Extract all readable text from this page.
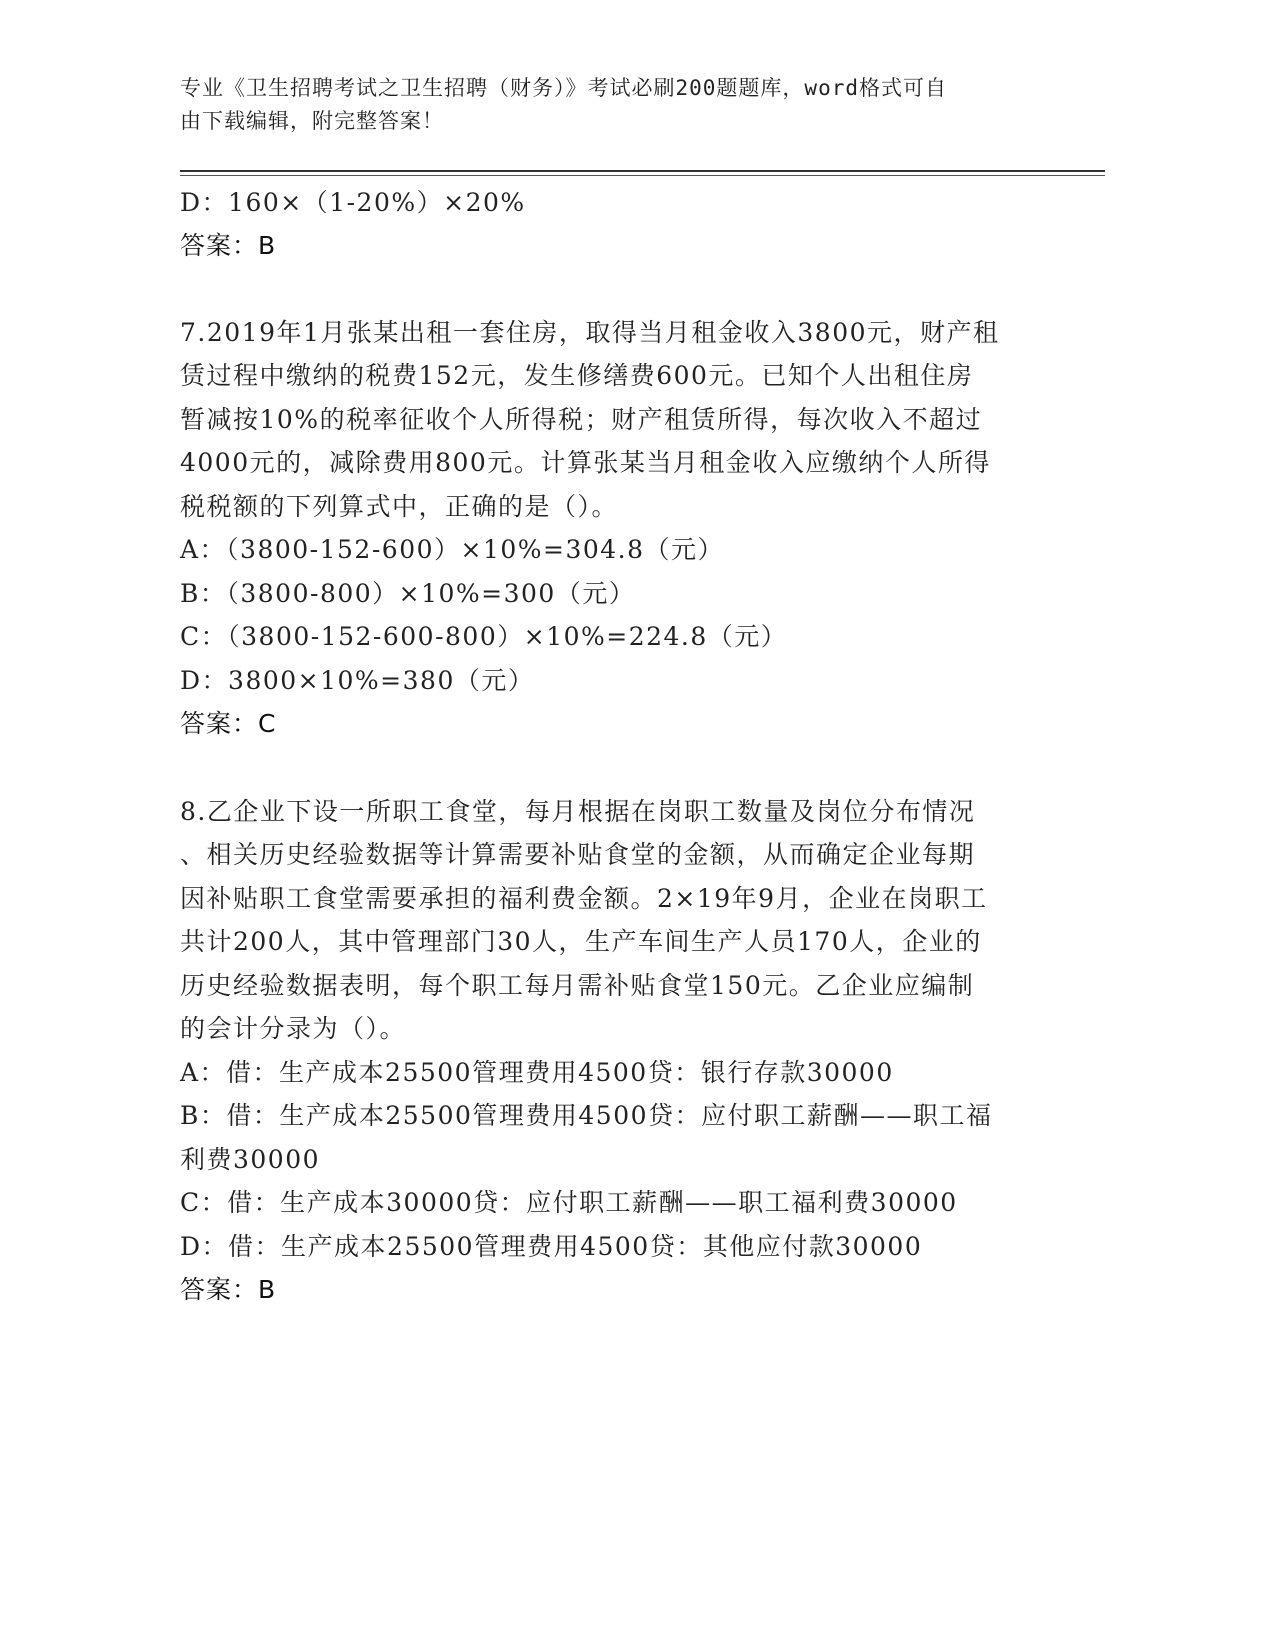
专业《卫生招聘考试之卫生招聘（财务）》考试必刷200题题库，word格式可自
由下载编辑，附完整答案！
D：160×（1-20%）×20%
答案：B
7.2019年1月张某出租一套住房，取得当月租金收入3800元，财产租
赁过程中缴纳的税费152元，发生修缮费600元。已知个人出租住房
暂减按10%的税率征收个人所得税；财产租赁所得，每次收入不超过
4000元的，减除费用800元。计算张某当月租金收入应缴纳个人所得
税税额的下列算式中，正确的是（）。
A：（3800-152-600）×10%=304.8（元）
B：（3800-800）×10%=300（元）
C：（3800-152-600-800）×10%=224.8（元）
D：3800×10%=380（元）
答案：C
8.乙企业下设一所职工食堂，每月根据在岗职工数量及岗位分布情况
、相关历史经验数据等计算需要补贴食堂的金额，从而确定企业每期
因补贴职工食堂需要承担的福利费金额。2×19年9月，企业在岗职工
共计200人，其中管理部门30人，生产车间生产人员170人，企业的
历史经验数据表明，每个职工每月需补贴食堂150元。乙企业应编制
的会计分录为（）。
A：借：生产成本25500管理费用4500贷：银行存款30000
B：借：生产成本25500管理费用4500贷：应付职工薪酬——职工福
利费30000
C：借：生产成本30000贷：应付职工薪酬——职工福利费30000
D：借：生产成本25500管理费用4500贷：其他应付款30000
答案：B
